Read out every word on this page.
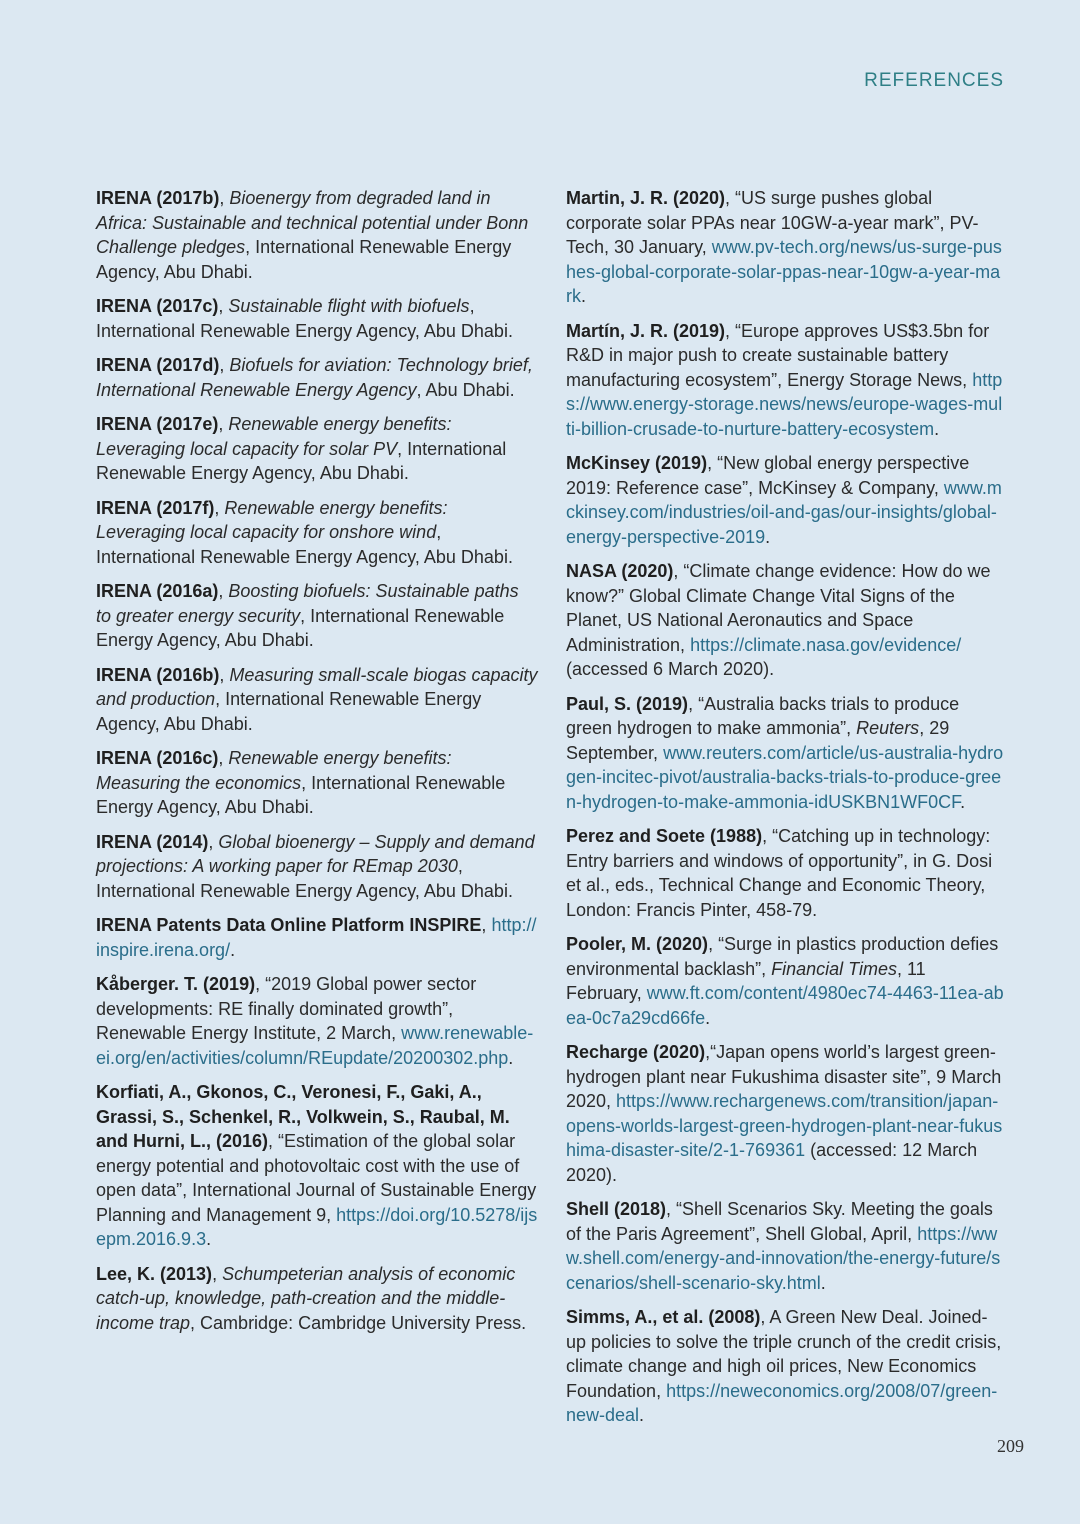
REFERENCES

IRENA (2017b), Bioenergy from degraded land in Africa: Sustainable and technical potential under Bonn Challenge pledges, International Renewable Energy Agency, Abu Dhabi.

IRENA (2017c), Sustainable flight with biofuels, International Renewable Energy Agency, Abu Dhabi.

IRENA (2017d), Biofuels for aviation: Technology brief, International Renewable Energy Agency, Abu Dhabi.

IRENA (2017e), Renewable energy benefits: Leveraging local capacity for solar PV, International Renewable Energy Agency, Abu Dhabi.

IRENA (2017f), Renewable energy benefits: Leveraging local capacity for onshore wind, International Renewable Energy Agency, Abu Dhabi.

IRENA (2016a), Boosting biofuels: Sustainable paths to greater energy security, International Renewable Energy Agency, Abu Dhabi.

IRENA (2016b), Measuring small-scale biogas capacity and production, International Renewable Energy Agency, Abu Dhabi.

IRENA (2016c), Renewable energy benefits: Measuring the economics, International Renewable Energy Agency, Abu Dhabi.

IRENA (2014), Global bioenergy – Supply and demand projections: A working paper for REmap 2030, International Renewable Energy Agency, Abu Dhabi.

IRENA Patents Data Online Platform INSPIRE, http://inspire.irena.org/.

Kåberger. T. (2019), “2019 Global power sector developments: RE finally dominated growth”, Renewable Energy Institute, 2 March, www.renewable-ei.org/en/activities/column/REupdate/20200302.php.

Korfiati, A., Gkonos, C., Veronesi, F., Gaki, A., Grassi, S., Schenkel, R., Volkwein, S., Raubal, M. and Hurni, L., (2016), “Estimation of the global solar energy potential and photovoltaic cost with the use of open data”, International Journal of Sustainable Energy Planning and Management 9, https://doi.org/10.5278/ijsepm.2016.9.3.

Lee, K. (2013), Schumpeterian analysis of economic catch-up, knowledge, path-creation and the middle-income trap, Cambridge: Cambridge University Press.

Martin, J. R. (2020), “US surge pushes global corporate solar PPAs near 10GW-a-year mark”, PV-Tech, 30 January, www.pv-tech.org/news/us-surge-pushes-global-corporate-solar-ppas-near-10gw-a-year-mark.

Martín, J. R. (2019), “Europe approves US$3.5bn for R&D in major push to create sustainable battery manufacturing ecosystem”, Energy Storage News, https://www.energy-storage.news/news/europe-wages-multi-billion-crusade-to-nurture-battery-ecosystem.

McKinsey (2019), “New global energy perspective 2019: Reference case”, McKinsey & Company, www.mckinsey.com/industries/oil-and-gas/our-insights/global-energy-perspective-2019.

NASA (2020), “Climate change evidence: How do we know?” Global Climate Change Vital Signs of the Planet, US National Aeronautics and Space Administration, https://climate.nasa.gov/evidence/ (accessed 6 March 2020).

Paul, S. (2019), “Australia backs trials to produce green hydrogen to make ammonia”, Reuters, 29 September, www.reuters.com/article/us-australia-hydrogen-incitec-pivot/australia-backs-trials-to-produce-green-hydrogen-to-make-ammonia-idUSKBN1WF0CF.

Perez and Soete (1988), “Catching up in technology: Entry barriers and windows of opportunity”, in G. Dosi et al., eds., Technical Change and Economic Theory, London: Francis Pinter, 458-79.

Pooler, M. (2020), “Surge in plastics production defies environmental backlash”, Financial Times, 11 February, www.ft.com/content/4980ec74-4463-11ea-abea-0c7a29cd66fe.

Recharge (2020),“Japan opens world’s largest green-hydrogen plant near Fukushima disaster site”, 9 March 2020, https://www.rechargenews.com/transition/japan-opens-worlds-largest-green-hydrogen-plant-near-fukushima-disaster-site/2-1-769361 (accessed: 12 March 2020).

Shell (2018), “Shell Scenarios Sky. Meeting the goals of the Paris Agreement”, Shell Global, April, https://www.shell.com/energy-and-innovation/the-energy-future/scenarios/shell-scenario-sky.html.

Simms, A., et al. (2008), A Green New Deal. Joined-up policies to solve the triple crunch of the credit crisis, climate change and high oil prices, New Economics Foundation, https://neweconomics.org/2008/07/green-new-deal.

209
